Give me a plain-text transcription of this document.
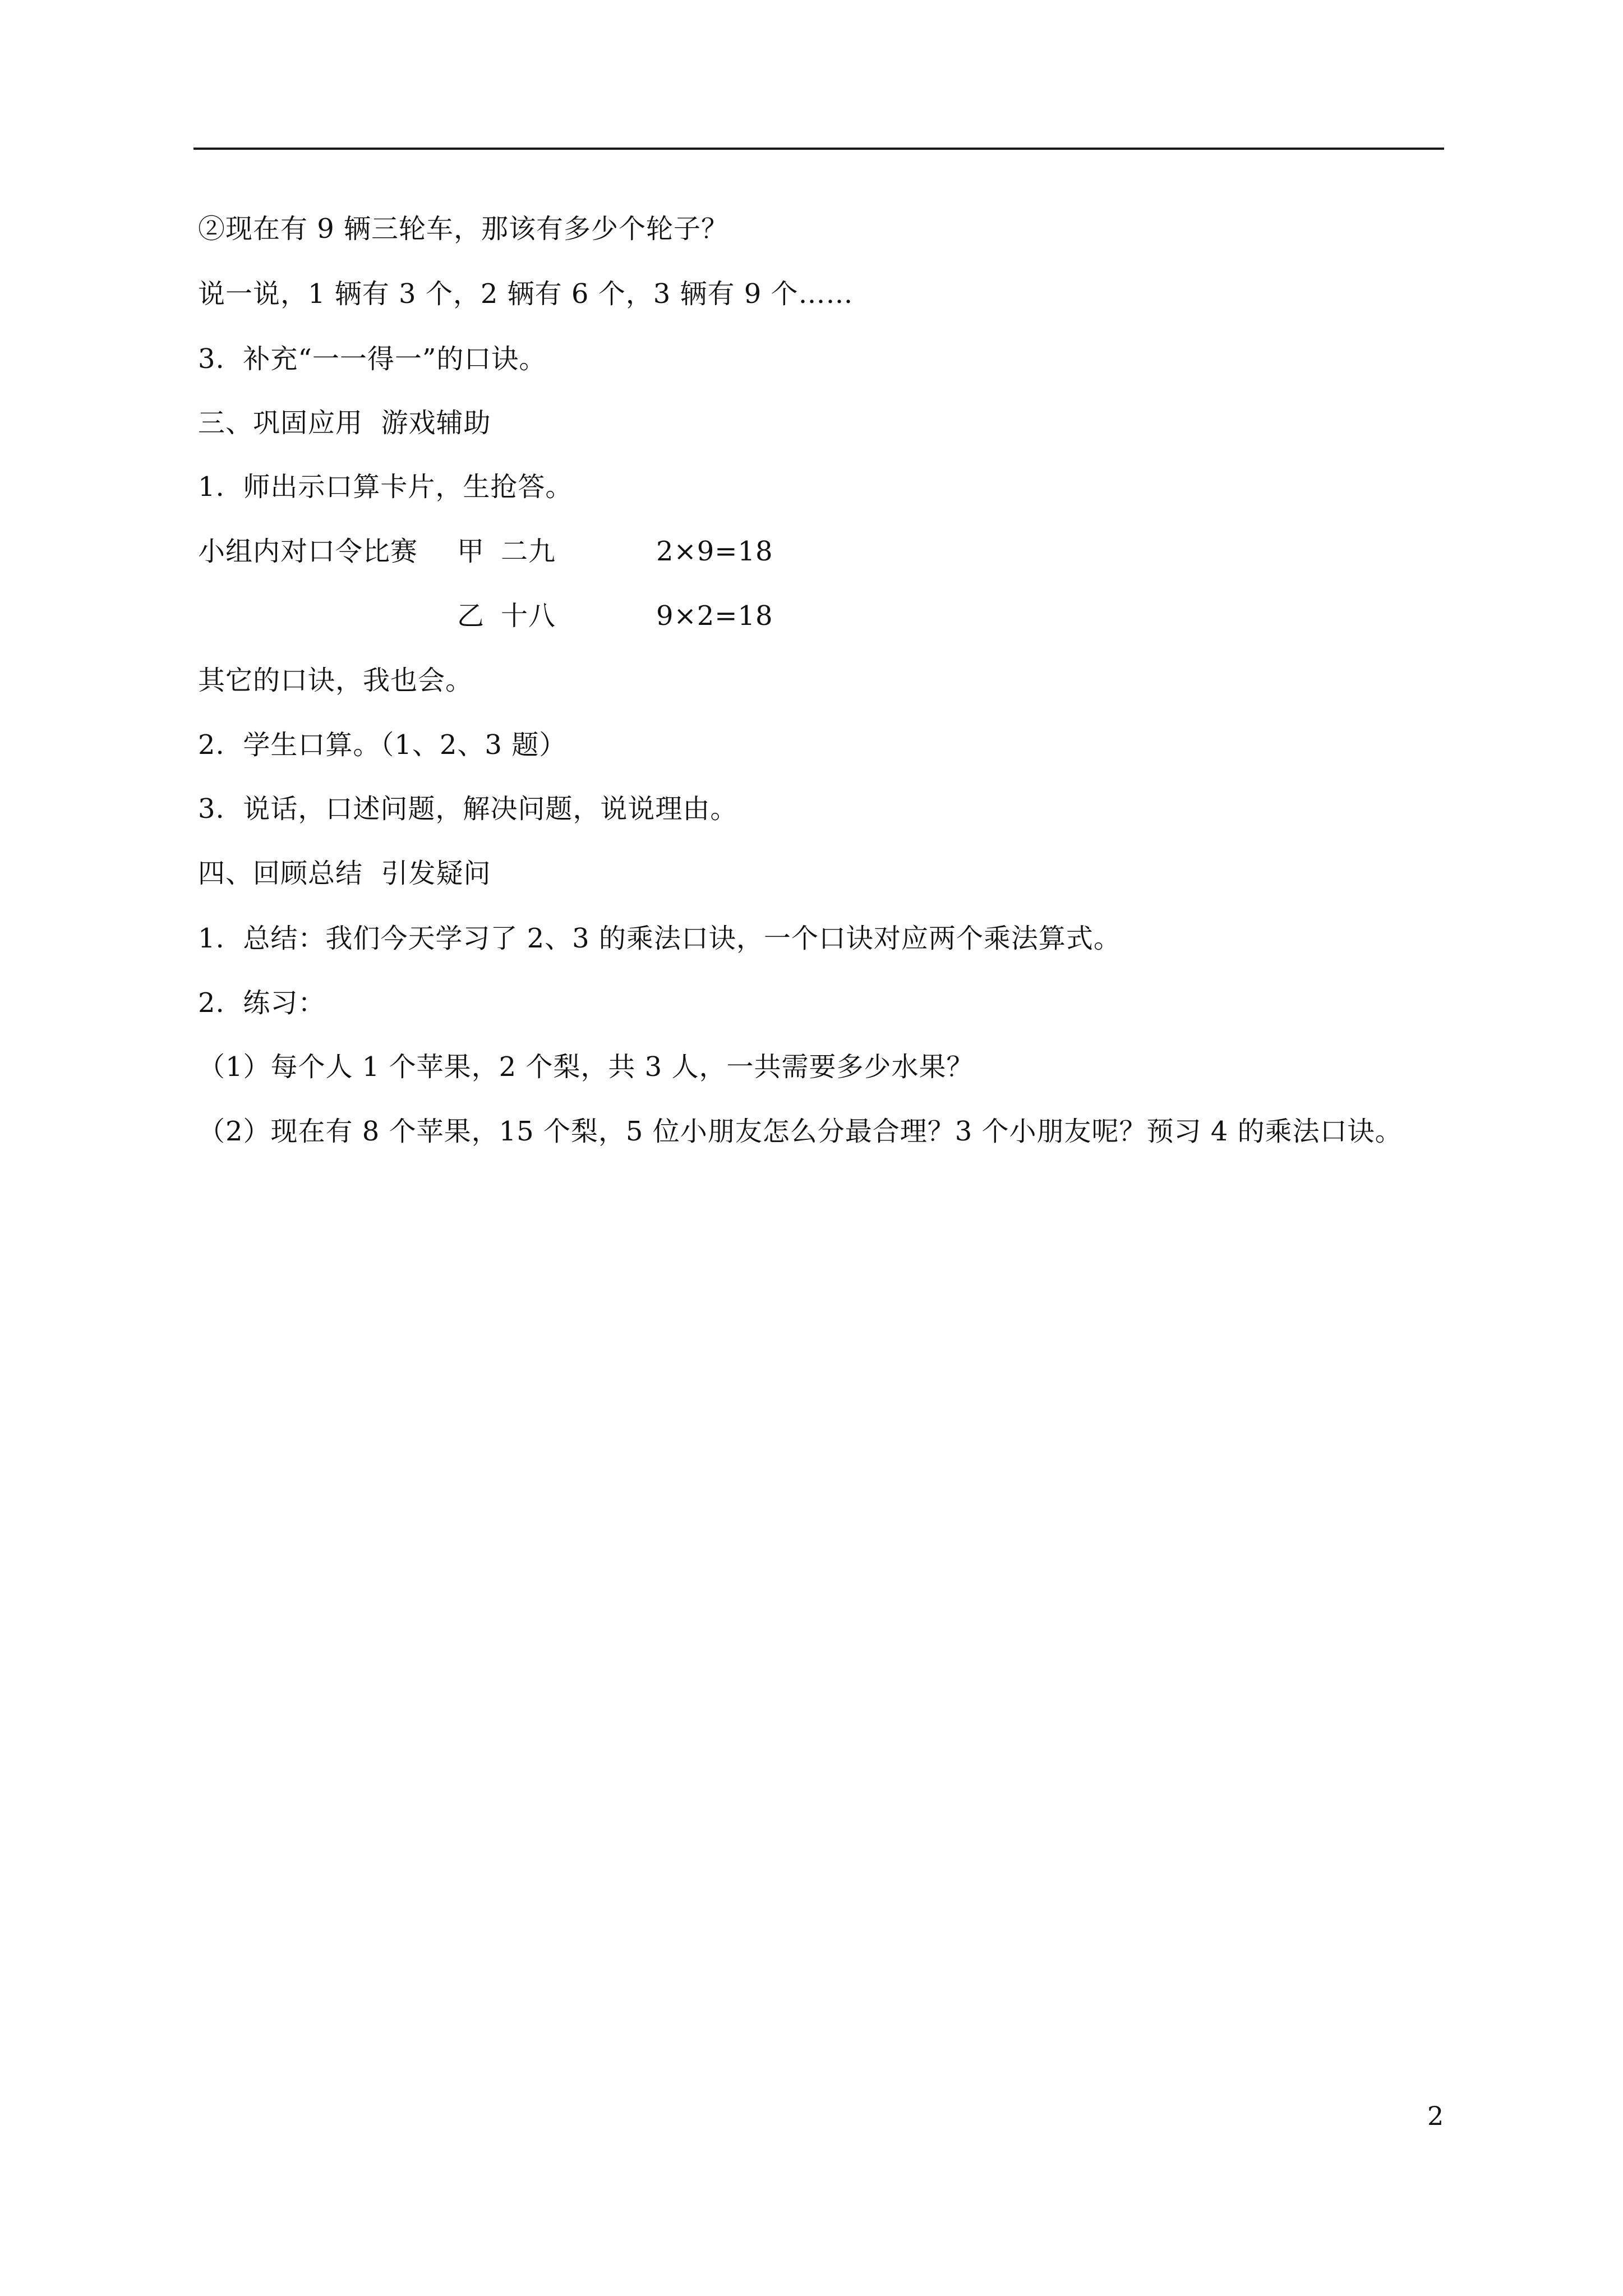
②现在有 9 辆三轮车，那该有多少个轮子？
说一说，1 辆有 3 个，2 辆有 6 个，3 辆有 9 个……
3.  补充“一一得一”的口诀。
三、巩固应用  游戏辅助
1.  师出示口算卡片，生抢答。
小组内对口令比赛 甲 二九	2×9=18
乙 十八	9×2=18
其它的口诀，我也会。
2.  学生口算。（1、2、3 题）
3.  说话，口述问题，解决问题，说说理由。
四、回顾总结  引发疑问
1.  总结：我们今天学习了 2、3 的乘法口诀，一个口诀对应两个乘法算式。
2.  练习：
（1）每个人 1 个苹果，2 个梨，共 3 人，一共需要多少水果？
（2）现在有 8 个苹果，15 个梨，5 位小朋友怎么分最合理？3 个小朋友呢？预习 4 的乘法口诀。
2
